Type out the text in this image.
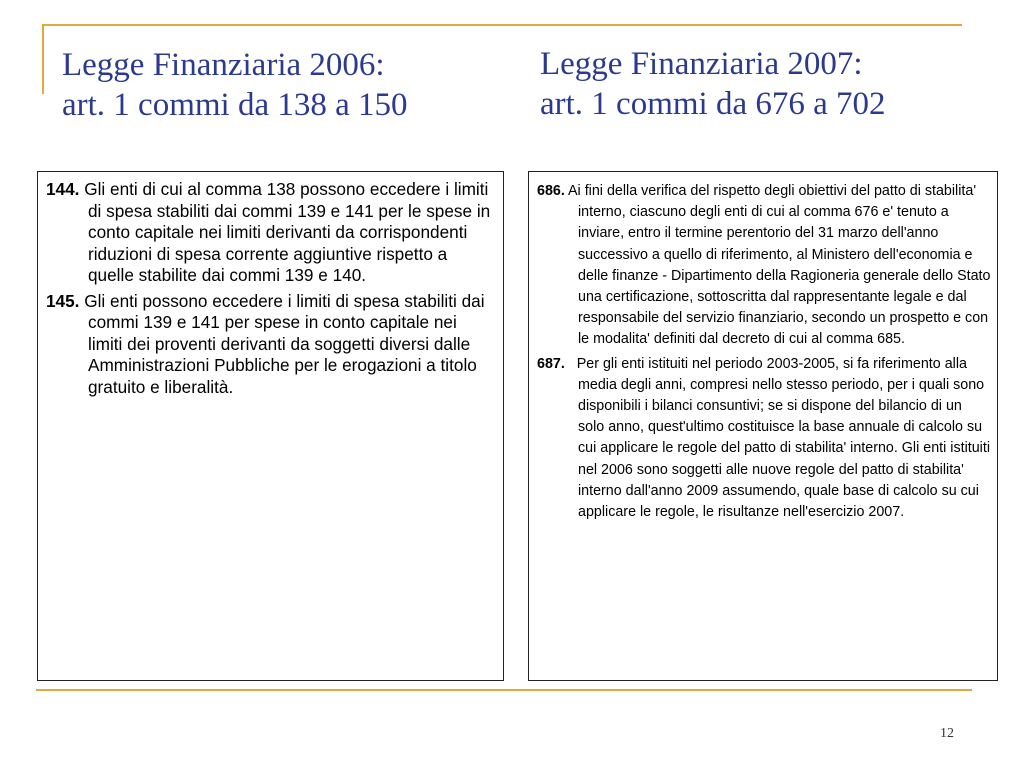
Legge Finanziaria 2006:
art. 1 commi da 138 a 150
Legge Finanziaria 2007:
art. 1 commi da 676 a 702

144. Gli enti di cui al comma 138 possono eccedere i limiti di spesa stabiliti dai commi 139 e 141 per le spese in conto capitale nei limiti derivanti da corrispondenti riduzioni di spesa corrente aggiuntive rispetto a quelle stabilite dai commi 139 e 140.

145. Gli enti possono eccedere i limiti di spesa stabiliti dai commi 139 e 141 per spese in conto capitale nei limiti dei proventi derivanti da soggetti diversi dalle Amministrazioni Pubbliche per le erogazioni a titolo gratuito e liberalità.

686. Ai fini della verifica del rispetto degli obiettivi del patto di stabilita' interno, ciascuno degli enti di cui al comma 676 e' tenuto a inviare, entro il termine perentorio del 31 marzo dell'anno successivo a quello di riferimento, al Ministero dell'economia e delle finanze - Dipartimento della Ragioneria generale dello Stato una certificazione, sottoscritta dal rappresentante legale e dal responsabile del servizio finanziario, secondo un prospetto e con le modalita' definiti dal decreto di cui al comma 685.

687. Per gli enti istituiti nel periodo 2003-2005, si fa riferimento alla media degli anni, compresi nello stesso periodo, per i quali sono disponibili i bilanci consuntivi; se si dispone del bilancio di un solo anno, quest'ultimo costituisce la base annuale di calcolo su cui applicare le regole del patto di stabilita' interno. Gli enti istituiti nel 2006 sono soggetti alle nuove regole del patto di stabilita' interno dall'anno 2009 assumendo, quale base di calcolo su cui applicare le regole, le risultanze nell'esercizio 2007.

12
